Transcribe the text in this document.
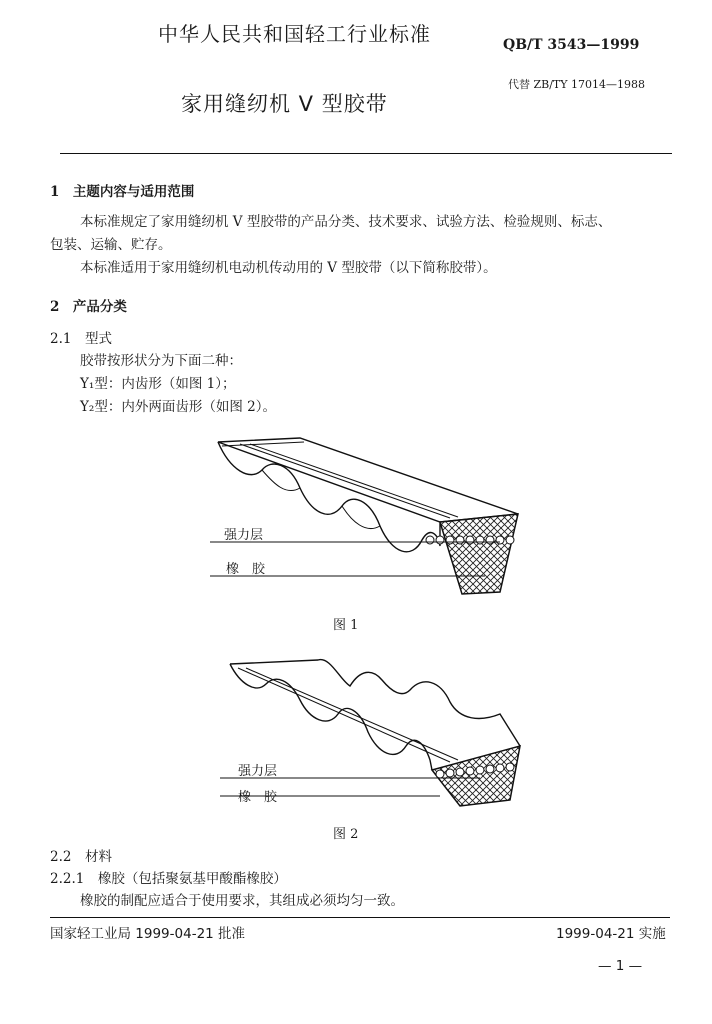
中华人民共和国轻工行业标准	QB/T 3543—1999
代替 ZB/TY 17014—1988
家用缝纫机 V 型胶带
1　主题内容与适用范围
本标准规定了家用缝纫机 V 型胶带的产品分类、技术要求、试验方法、检验规则、标志、
包装、运输、贮存。
本标准适用于家用缝纫机电动机传动用的 V 型胶带（以下简称胶带）。
2　产品分类
2.1　型式
胶带按形状分为下面二种：
Y₁型：内齿形（如图 1）；
Y₂型：内外两面齿形（如图 2）。
强力层
橡　胶
图 1
强力层
橡　胶
图 2
2.2　材料
2.2.1　橡胶（包括聚氨基甲酸酯橡胶）
橡胶的制配应适合于使用要求，其组成必须均匀一致。
国家轻工业局 1999-04-21 批准	1999-04-21 实施
— 1 —
